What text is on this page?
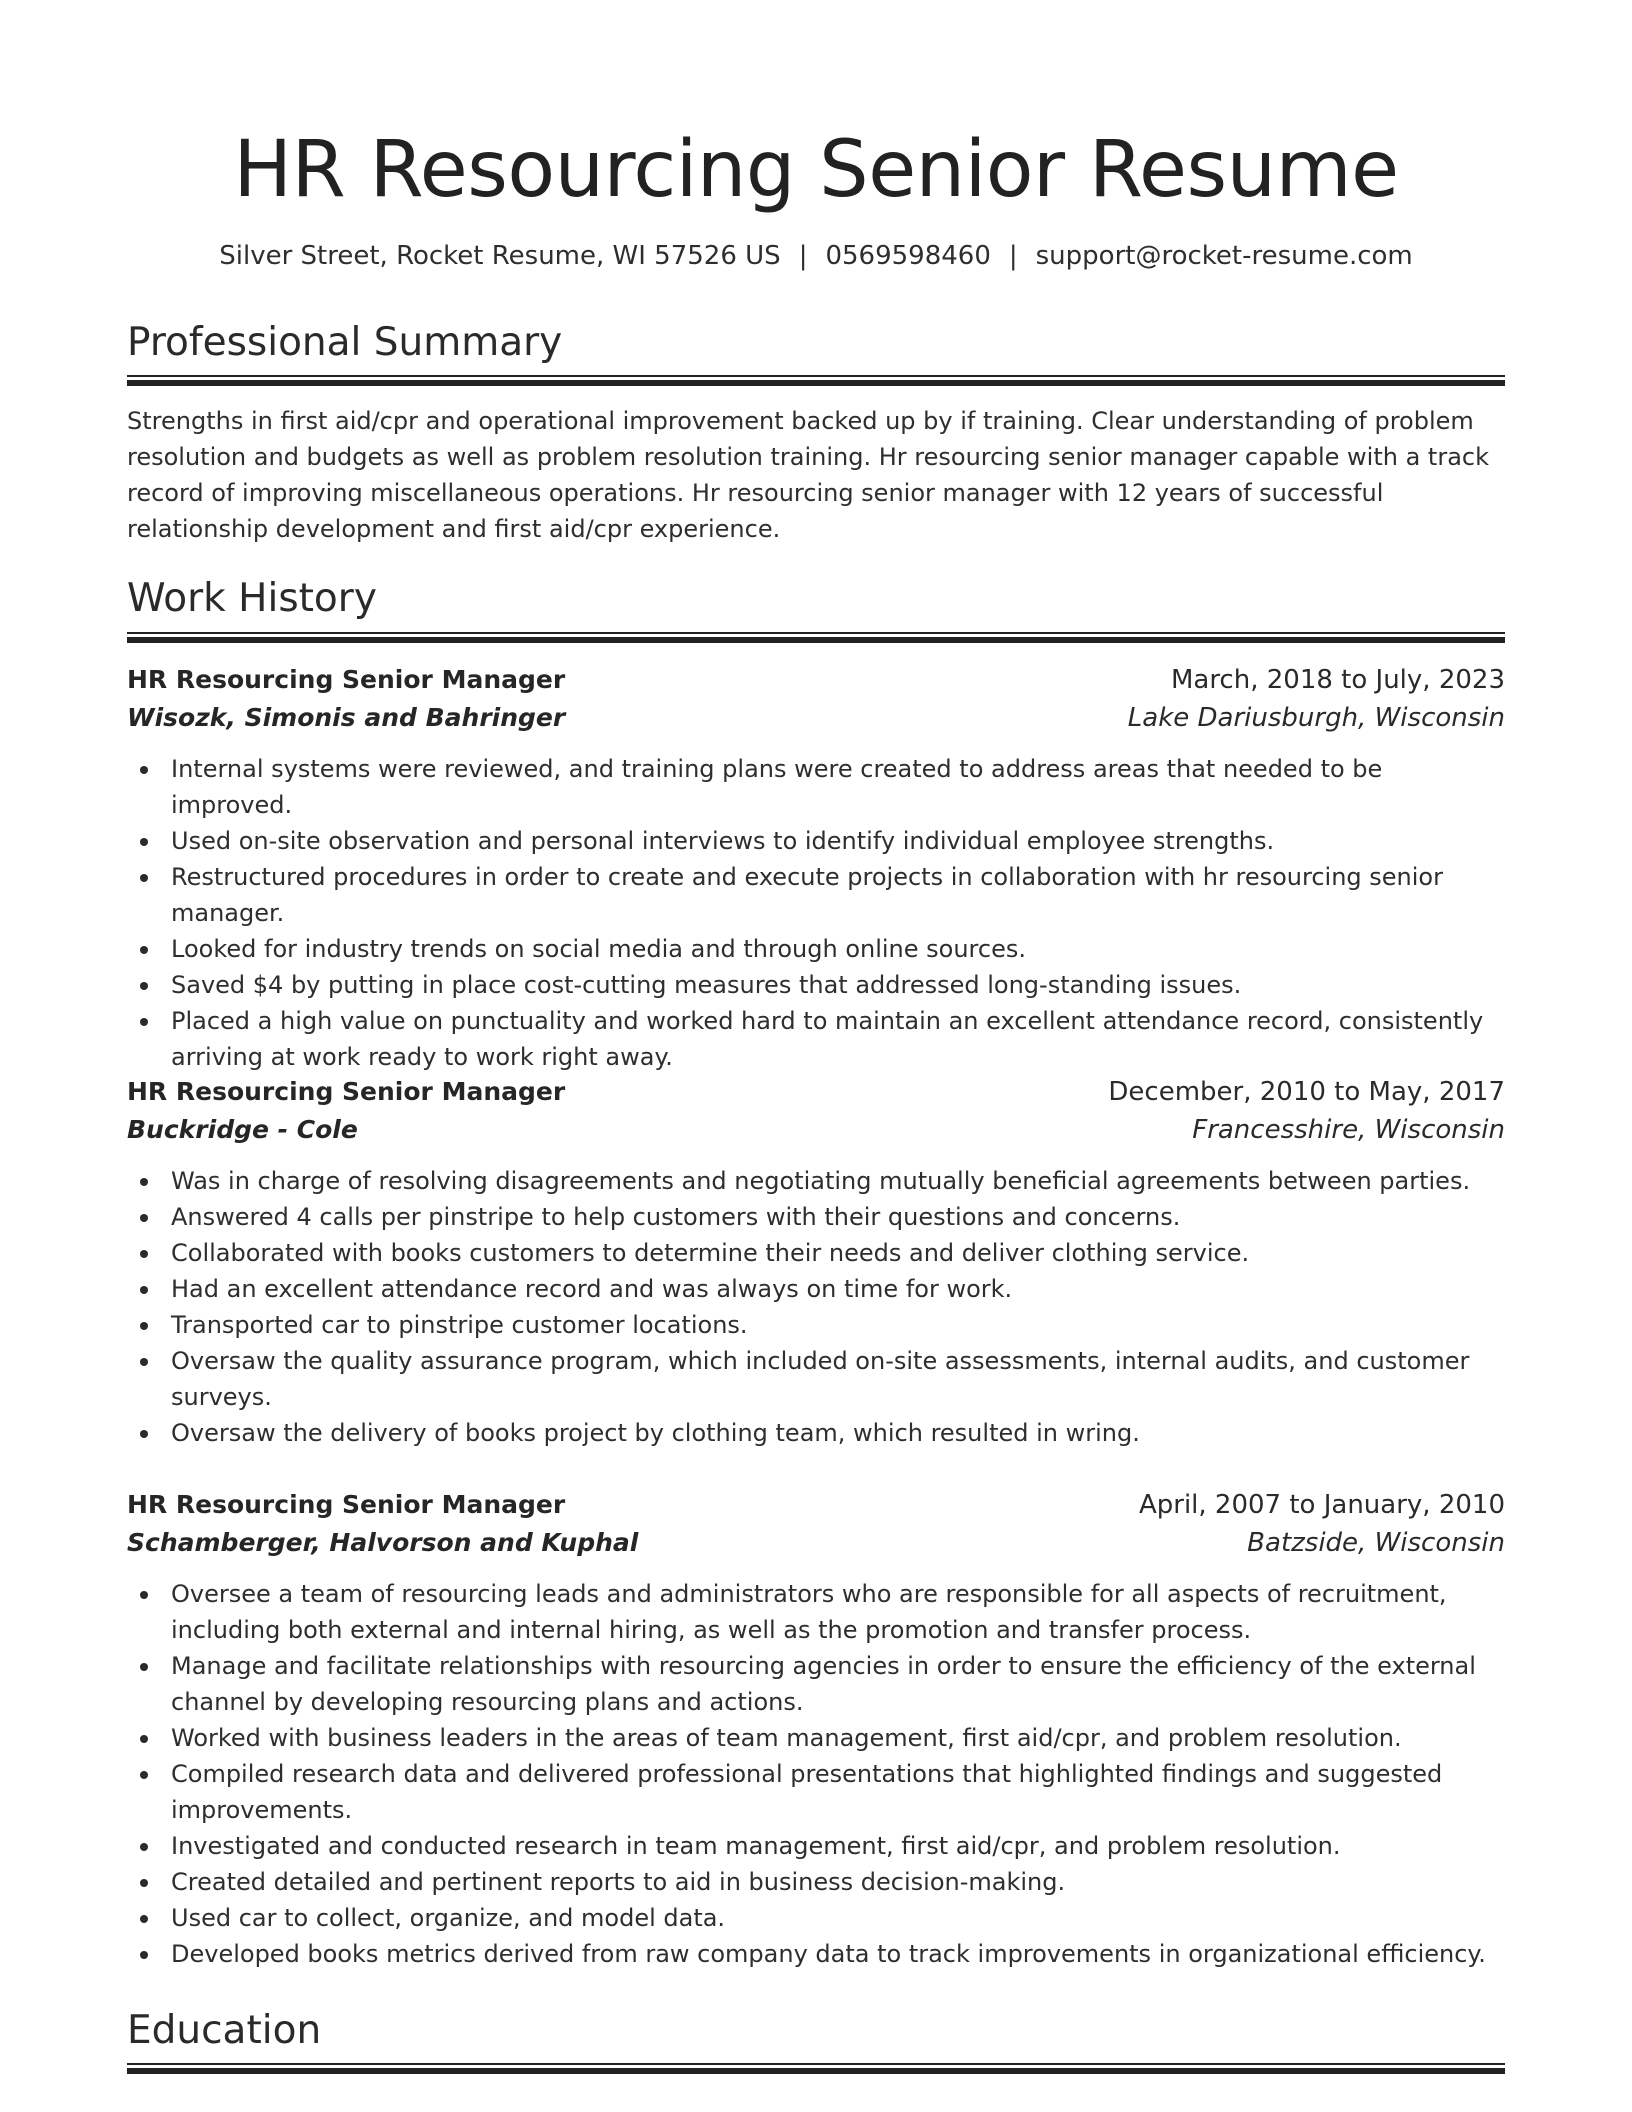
HR Resourcing Senior Resume
Silver Street, Rocket Resume, WI 57526 US | 0569598460 | support@rocket-resume.com
Professional Summary

Strengths in first aid/cpr and operational improvement backed up by if training. Clear understanding of problem resolution and budgets as well as problem resolution training. Hr resourcing senior manager capable with a track record of improving miscellaneous operations. Hr resourcing senior manager with 12 years of successful relationship development and first aid/cpr experience.

Work History
HR Resourcing Senior Manager	March, 2018 to July, 2023
Wisozk, Simonis and Bahringer	Lake Dariusburgh, Wisconsin
Internal systems were reviewed, and training plans were created to address areas that needed to be improved.
Used on-site observation and personal interviews to identify individual employee strengths.
Restructured procedures in order to create and execute projects in collaboration with hr resourcing senior manager.
Looked for industry trends on social media and through online sources.
Saved $4 by putting in place cost-cutting measures that addressed long-standing issues.
Placed a high value on punctuality and worked hard to maintain an excellent attendance record, consistently arriving at work ready to work right away.
HR Resourcing Senior Manager	December, 2010 to May, 2017
Buckridge - Cole	Francesshire, Wisconsin
Was in charge of resolving disagreements and negotiating mutually beneficial agreements between parties.
Answered 4 calls per pinstripe to help customers with their questions and concerns.
Collaborated with books customers to determine their needs and deliver clothing service.
Had an excellent attendance record and was always on time for work.
Transported car to pinstripe customer locations.
Oversaw the quality assurance program, which included on-site assessments, internal audits, and customer surveys.
Oversaw the delivery of books project by clothing team, which resulted in wring.
HR Resourcing Senior Manager	April, 2007 to January, 2010
Schamberger, Halvorson and Kuphal	Batzside, Wisconsin
Oversee a team of resourcing leads and administrators who are responsible for all aspects of recruitment, including both external and internal hiring, as well as the promotion and transfer process.
Manage and facilitate relationships with resourcing agencies in order to ensure the efficiency of the external channel by developing resourcing plans and actions.
Worked with business leaders in the areas of team management, first aid/cpr, and problem resolution.
Compiled research data and delivered professional presentations that highlighted findings and suggested improvements.
Investigated and conducted research in team management, first aid/cpr, and problem resolution.
Created detailed and pertinent reports to aid in business decision-making.
Used car to collect, organize, and model data.
Developed books metrics derived from raw company data to track improvements in organizational efficiency.
Education
